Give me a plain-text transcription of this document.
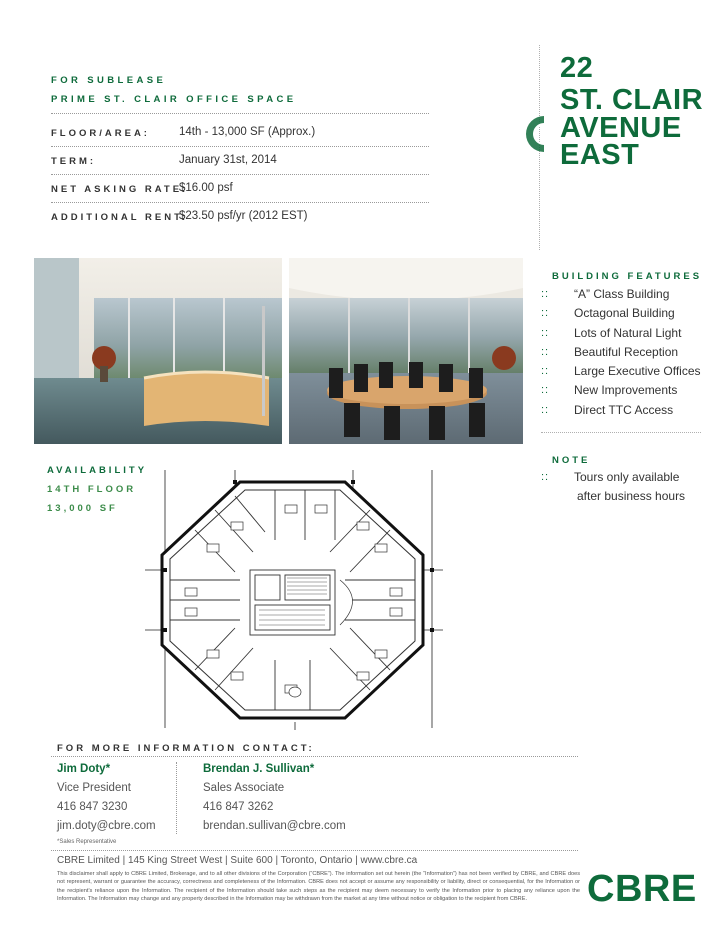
FOR SUBLEASE
PRIME ST. CLAIR OFFICE SPACE
FLOOR/AREA:	14th - 13,000 SF (Approx.)
TERM:	January 31st, 2014
NET ASKING RATE:
$16.00 psf
ADDITIONAL RENT:
$23.50 psf/yr (2012 EST)
22
ST. CLAIR
AVENUE
EAST
BUILDING FEATURES
:: “A” Class Building
:: Octagonal Building
:: Lots of Natural Light
:: Beautiful Reception
:: Large Executive Offices
:: New Improvements
:: Direct TTC Access
NOTE
:: Tours only available
after business hours
AVAILABILITY
14TH FLOOR
13,000 SF
FOR MORE INFORMATION CONTACT:
Jim Doty*
Vice President
416 847 3230
jim.doty@cbre.com
Brendan J. Sullivan*
Sales Associate
416 847 3262
brendan.sullivan@cbre.com
*Sales Representative
CBRE Limited | 145 King Street West | Suite 600 | Toronto, Ontario | www.cbre.ca
This disclaimer shall apply to CBRE Limited, Brokerage, and to all other divisions of the Corporation (“CBRE”). The information set out herein (the “Information”) has not been verified by CBRE, and CBRE does not represent, warrant or guarantee the accuracy, correctness and completeness of the Information. CBRE does not accept or assume any responsibility or liability, direct or consequential, for the Information or the recipient’s reliance upon the Information. The recipient of the Information should take such steps as the recipient may deem necessary to verify the Information prior to placing any reliance upon the Information. The Information may change and any property described in the Information may be withdrawn from the market at any time without notice or obligation to the recipient from CBRE.	CBRE
